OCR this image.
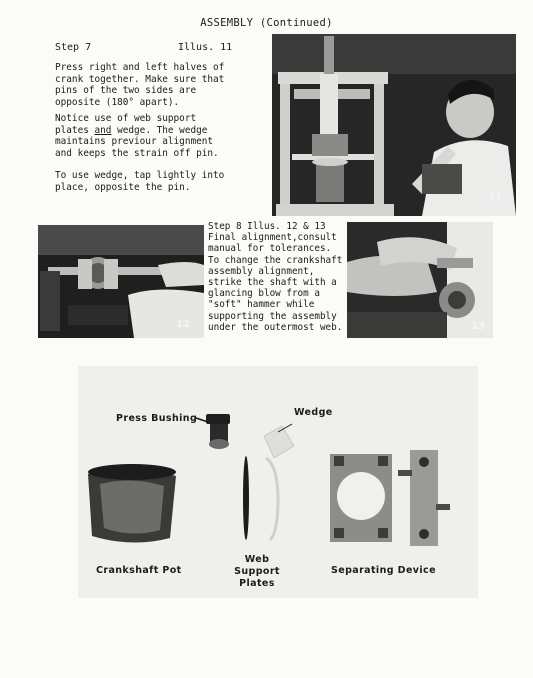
ASSEMBLY (Continued)
Step 7	Illus. 11

Press right and left halves of crank together. Make sure that pins of the two sides are opposite (180° apart).

Notice use of web support plates and wedge. The wedge maintains previour alignment and keeps the strain off pin.

To use wedge, tap lightly into place, opposite the pin.

11
12

Step 8 Illus. 12 & 13

Final alignment,consult manual for tolerances. To change the crankshaft assembly alignment, strike the shaft with a glancing blow from a "soft" hammer while supporting the assembly under the outermost web.	13
Press Bushing
Wedge
Crankshaft Pot
Web
Support
Plates
Separating Device
